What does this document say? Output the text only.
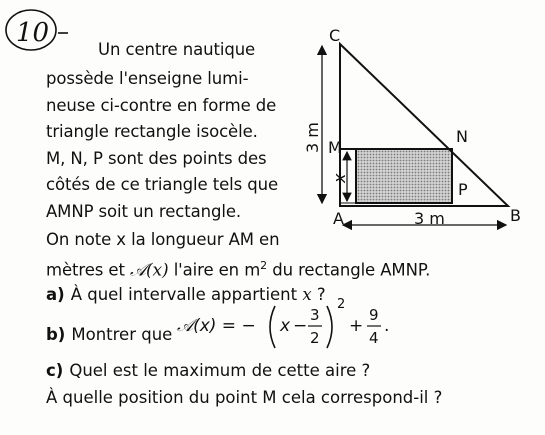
10
Un centre nautique
possède l'enseigne lumi-
neuse ci-contre en forme de
triangle rectangle isocèle.
M, N, P sont des points des
côtés de ce triangle tels que
AMNP soit un rectangle.
On note x la longueur AM en
mètres et 𝒜(x) l'aire en $m^2$ du rectangle AMNP.
C
N
M
P
A	B
3 m
3 m
x
a) À quel intervalle appartient x ?
b) Montrer que 𝒜(x) = − x −
3
2
2
+
9
4
.
c) Quel est le maximum de cette aire ?
À quelle position du point M cela correspond-il ?
